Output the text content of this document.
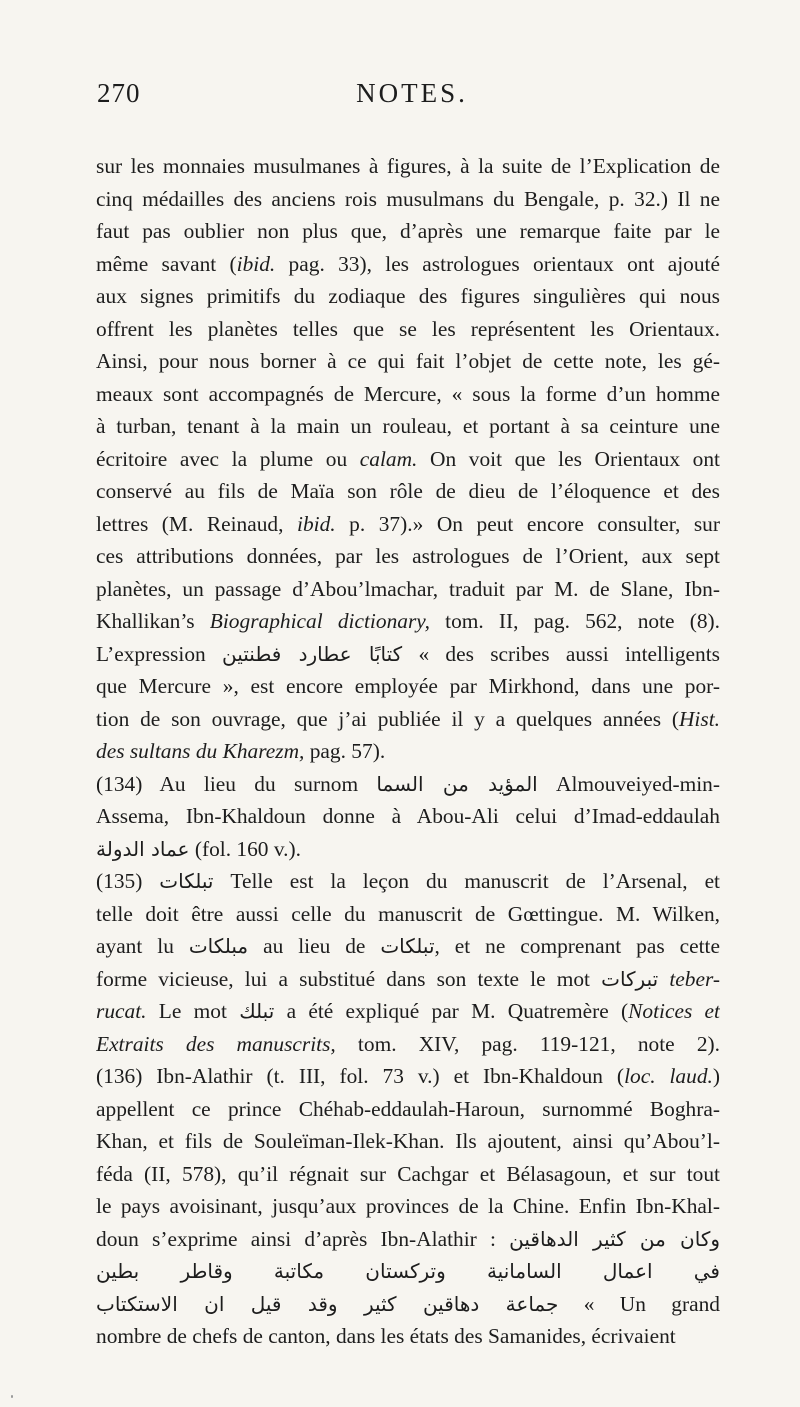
270	NOTES.
sur les monnaies musulmanes à figures, à la suite de l’Explication de
cinq médailles des anciens rois musulmans du Bengale, p. 32.) Il ne
faut pas oublier non plus que, d’après une remarque faite par le
même savant (ibid. pag. 33), les astrologues orientaux ont ajouté
aux signes primitifs du zodiaque des figures singulières qui nous
offrent les planètes telles que se les représentent les Orientaux.
Ainsi, pour nous borner à ce qui fait l’objet de cette note, les gé-
meaux sont accompagnés de Mercure, « sous la forme d’un homme
à turban, tenant à la main un rouleau, et portant à sa ceinture une
écritoire avec la plume ou calam. On voit que les Orientaux ont
conservé au fils de Maïa son rôle de dieu de l’éloquence et des
lettres (M. Reinaud, ibid. p. 37).» On peut encore consulter, sur
ces attributions données, par les astrologues de l’Orient, aux sept
planètes, un passage d’Abou’lmachar, traduit par M. de Slane, Ibn-
Khallikan’s Biographical dictionary, tom. II, pag. 562, note (8).
L’expression كتابًا عطارد فطنتين « des scribes aussi intelligents
que Mercure », est encore employée par Mirkhond, dans une por-
tion de son ouvrage, que j’ai publiée il y a quelques années (Hist.
des sultans du Kharezm, pag. 57).
(134) Au lieu du surnom المؤيد من السما Almouveiyed-min-
Assema, Ibn-Khaldoun donne à Abou-Ali celui d’Imad-eddaulah
عماد الدولة (fol. 160 v.).
(135) تبلكات Telle est la leçon du manuscrit de l’Arsenal, et
telle doit être aussi celle du manuscrit de Gœttingue. M. Wilken,
ayant lu مبلكات au lieu de تبلكات, et ne comprenant pas cette
forme vicieuse, lui a substitué dans son texte le mot تبركات teber-
rucat. Le mot تبلك a été expliqué par M. Quatremère (Notices et
Extraits des manuscrits, tom. XIV, pag. 119-121, note 2).
(136) Ibn-Alathir (t. III, fol. 73 v.) et Ibn-Khaldoun (loc. laud.)
appellent ce prince Chéhab-eddaulah-Haroun, surnommé Boghra-
Khan, et fils de Souleïman-Ilek-Khan. Ils ajoutent, ainsi qu’Abou’l-
féda (II, 578), qu’il régnait sur Cachgar et Bélasagoun, et sur tout
le pays avoisinant, jusqu’aux provinces de la Chine. Enfin Ibn-Khal-
doun s’exprime ainsi d’après Ibn-Alathir : وكان من كثير الدهاقين
في اعمال السامانية وتركستان مكاتبة وقاطر بطين
جماعة دهاقين كثير وقد قيل ان الاستكتاب « Un grand
nombre de chefs de canton, dans les états des Samanides, écrivaient
